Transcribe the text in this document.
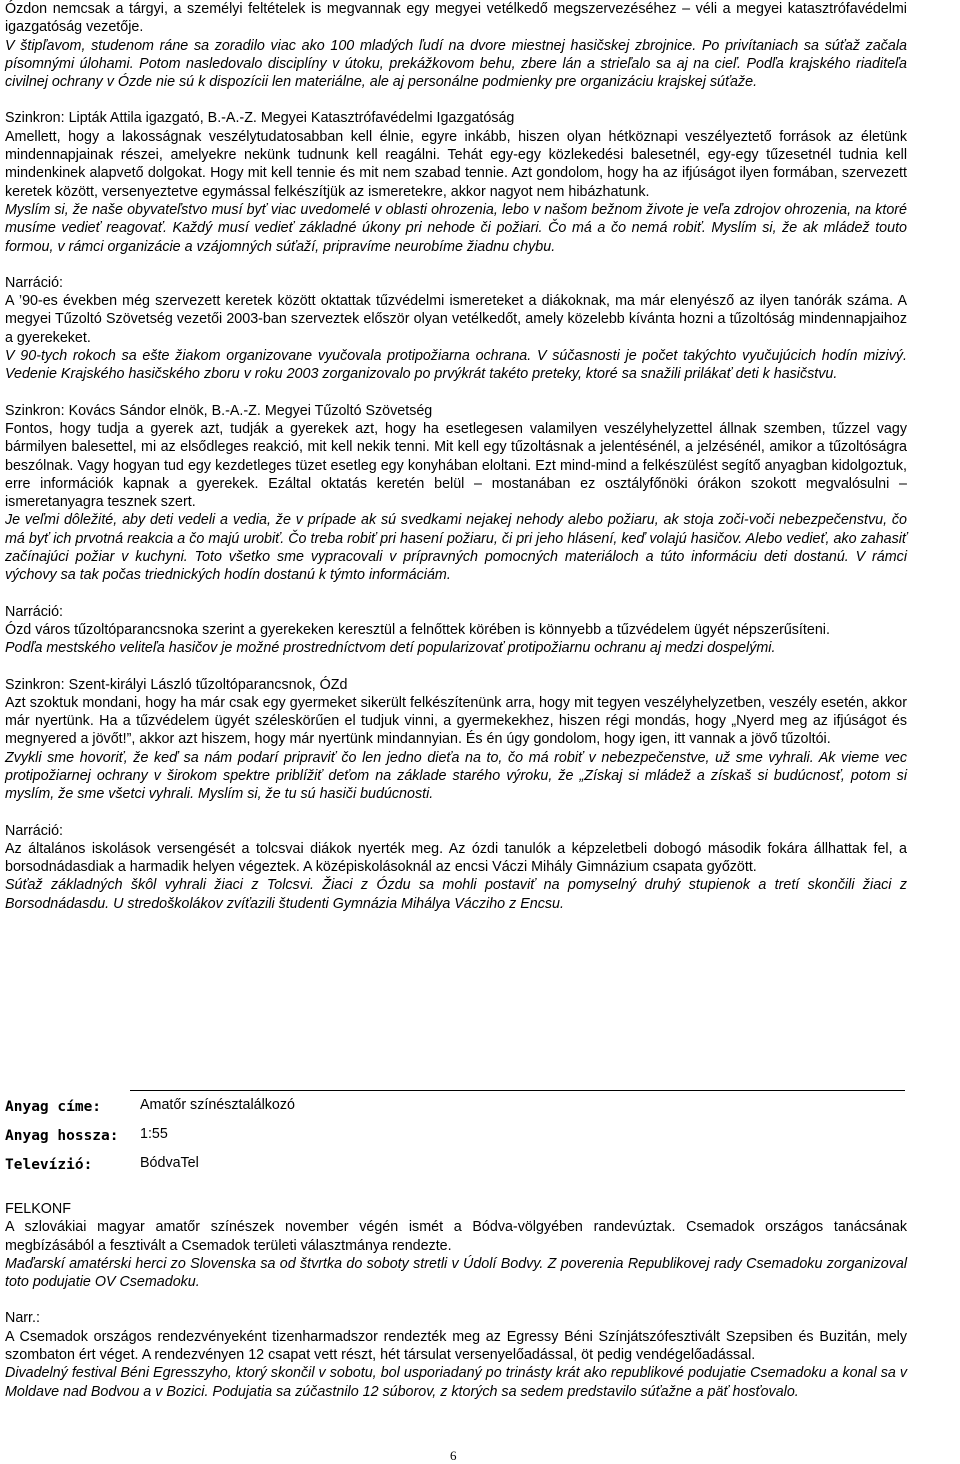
Ózdon nemcsak a tárgyi, a személyi feltételek is megvannak egy megyei vetélkedő megszervezéséhez – véli a megyei katasztrófavédelmi igazgatóság vezetője.

V štipľavom, studenom ráne sa zoradilo viac ako 100 mladých ľudí na dvore miestnej hasičskej zbrojnice. Po privítaniach sa súťaž začala písomnými úlohami. Potom nasledovalo disciplíny v útoku, prekážkovom behu, zbere lán a strieľalo sa aj na cieľ. Podľa krajského riaditeľa civilnej ochrany v Ózde nie sú k dispozícii len materiálne, ale aj personálne podmienky pre organizáciu krajskej súťaže.

Szinkron: Lipták Attila igazgató, B.-A.-Z. Megyei Katasztrófavédelmi Igazgatóság

Amellett, hogy a lakosságnak veszélytudatosabban kell élnie, egyre inkább, hiszen olyan hétköznapi veszélyeztető források az életünk mindennapjainak részei, amelyekre nekünk tudnunk kell reagálni. Tehát egy-egy közlekedési balesetnél, egy-egy tűzesetnél tudnia kell mindenkinek alapvető dolgokat. Hogy mit kell tennie és mit nem szabad tennie. Azt gondolom, hogy ha az ifjúságot ilyen formában, szervezett keretek között, versenyeztetve egymással felkészítjük az ismeretekre, akkor nagyot nem hibázhatunk.

Myslím si, že naše obyvateľstvo musí byť viac uvedomelé v oblasti ohrozenia, lebo v našom bežnom živote je veľa zdrojov ohrozenia, na ktoré musíme vedieť reagovať. Každý musí vedieť základné úkony pri nehode či požiari. Čo má a čo nemá robiť. Myslím si, že ak mládež touto formou, v rámci organizácie a vzájomných súťaží, pripravíme neurobíme žiadnu chybu.

Narráció:

A ’90-es években még szervezett keretek között oktattak tűzvédelmi ismereteket a diákoknak, ma már elenyésző az ilyen tanórák száma. A megyei Tűzoltó Szövetség vezetői 2003-ban szerveztek először olyan vetélkedőt, amely közelebb kívánta hozni a tűzoltóság mindennapjaihoz a gyerekeket.

V 90-tych rokoch sa ešte žiakom organizovane vyučovala protipožiarna ochrana. V súčasnosti je počet takýchto vyučujúcich hodín mizivý. Vedenie Krajského hasičského zboru v roku 2003 zorganizovalo po prvýkrát takéto preteky, ktoré sa snažili prilákať deti k hasičstvu.

Szinkron: Kovács Sándor elnök, B.-A.-Z. Megyei Tűzoltó Szövetség

Fontos, hogy tudja a gyerek azt, tudják a gyerekek azt, hogy ha esetlegesen valamilyen veszélyhelyzettel állnak szemben, tűzzel vagy bármilyen balesettel, mi az elsődleges reakció, mit kell nekik tenni. Mit kell egy tűzoltásnak a jelentésénél, a jelzésénél, amikor a tűzoltóságra beszólnak. Vagy hogyan tud egy kezdetleges tüzet esetleg egy konyhában eloltani. Ezt mind-mind a felkészülést segítő anyagban kidolgoztuk, erre információk kapnak a gyerekek. Ezáltal oktatás keretén belül – mostanában ez osztályfőnöki órákon szokott megvalósulni – ismeretanyagra tesznek szert.

Je veľmi dôležité, aby deti vedeli a vedia, že v prípade ak sú svedkami nejakej nehody alebo požiaru, ak stoja zoči-voči nebezpečenstvu, čo má byť ich prvotná reakcia a čo majú urobiť. Čo treba robiť pri hasení požiaru, či pri jeho hlásení, keď volajú hasičov. Alebo vedieť, ako zahasiť začínajúci požiar v kuchyni. Toto všetko sme vypracovali v prípravných pomocných materiáloch a túto informáciu deti dostanú. V rámci výchovy sa tak počas triednických hodín dostanú k týmto informáciám.

Narráció:

Ózd város tűzoltóparancsnoka szerint a gyerekeken keresztül a felnőttek körében is könnyebb a tűzvédelem ügyét népszerűsíteni.

Podľa mestského veliteľa hasičov je možné prostredníctvom detí popularizovať protipožiarnu ochranu aj medzi dospelými.

Szinkron: Szent-királyi László tűzoltóparancsnok, ÓZd

Azt szoktuk mondani, hogy ha már csak egy gyermeket sikerült felkészítenünk arra, hogy mit tegyen veszélyhelyzetben, veszély esetén, akkor már nyertünk. Ha a tűzvédelem ügyét széleskörűen el tudjuk vinni, a gyermekekhez, hiszen régi mondás, hogy „Nyerd meg az ifjúságot és megnyered a jövőt!”, akkor azt hiszem, hogy már nyertünk mindannyian. És én úgy gondolom, hogy igen, itt vannak a jövő tűzoltói.

Zvykli sme hovoriť, že keď sa nám podarí pripraviť čo len jedno dieťa na to, čo má robiť v nebezpečenstve, už sme vyhrali. Ak vieme vec protipožiarnej ochrany v širokom spektre priblížiť deťom na základe starého výroku, že „Získaj si mládež a získaš si budúcnosť, potom si myslím, že sme všetci vyhrali. Myslím si, že tu sú hasiči budúcnosti.

Narráció:

Az általános iskolások versengését a tolcsvai diákok nyerték meg. Az ózdi tanulók a képzeletbeli dobogó második fokára állhattak fel, a borsodnádasdiak a harmadik helyen végeztek. A középiskolásoknál az encsi Váczi Mihály Gimnázium csapata győzött.

Súťaž základných škôl vyhrali žiaci z Tolcsvi. Žiaci z Ózdu sa mohli postaviť na pomyselný druhý stupienok a tretí skončili žiaci z Borsodnádasdu. U stredoškolákov zvíťazili študenti Gymnázia Mihálya Vácziho z Encsu.

Anyag címe:	Amatőr színésztalálkozó
Anyag hossza: 1:55
Televízió:	BódvaTel

FELKONF

A szlovákiai magyar amatőr színészek november végén ismét a Bódva-völgyében randevúztak. Csemadok országos tanácsának megbízásából a fesztivált a Csemadok területi választmánya rendezte.

Maďarskí amatérski herci zo Slovenska sa od štvrtka do soboty stretli v Údolí Bodvy. Z poverenia Republikovej rady Csemadoku zorganizoval toto podujatie OV Csemadoku.

Narr.:

A Csemadok országos rendezvényeként tizenharmadszor rendezték meg az Egressy Béni Színjátszófesztivált Szepsiben és Buzitán, mely szombaton ért véget. A rendezvényen 12 csapat vett részt, hét társulat versenyelőadással, öt pedig vendégelőadással.

Divadelný festival Béni Egresszyho, ktorý skončil v sobotu, bol usporiadaný po trinásty krát ako republikové podujatie Csemadoku a konal sa v Moldave nad Bodvou a v Bozici. Podujatia sa zúčastnilo 12 súborov, z ktorých sa sedem predstavilo súťažne a päť hosťovalo.

6
